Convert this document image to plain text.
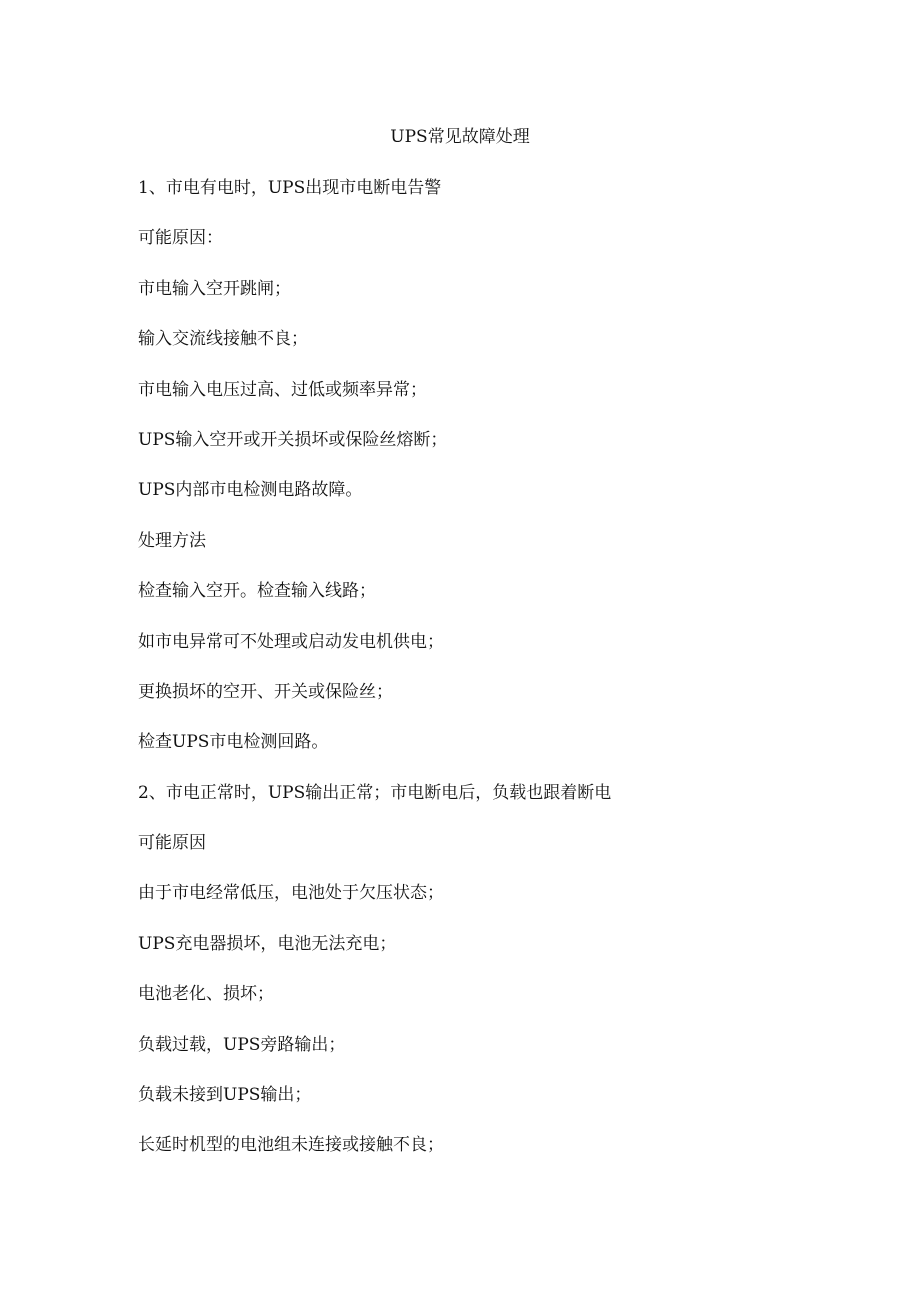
UPS常见故障处理
1、市电有电时，UPS出现市电断电告警
可能原因：
市电输入空开跳闸；
输入交流线接触不良；
市电输入电压过高、过低或频率异常；
UPS输入空开或开关损坏或保险丝熔断；
UPS内部市电检测电路故障。
处理方法
检查输入空开。检查输入线路；
如市电异常可不处理或启动发电机供电；
更换损坏的空开、开关或保险丝；
检查UPS市电检测回路。
2、市电正常时，UPS输出正常；市电断电后，负载也跟着断电
可能原因
由于市电经常低压，电池处于欠压状态；
UPS充电器损坏，电池无法充电；
电池老化、损坏；
负载过载，UPS旁路输出；
负载未接到UPS输出；
长延时机型的电池组未连接或接触不良；
